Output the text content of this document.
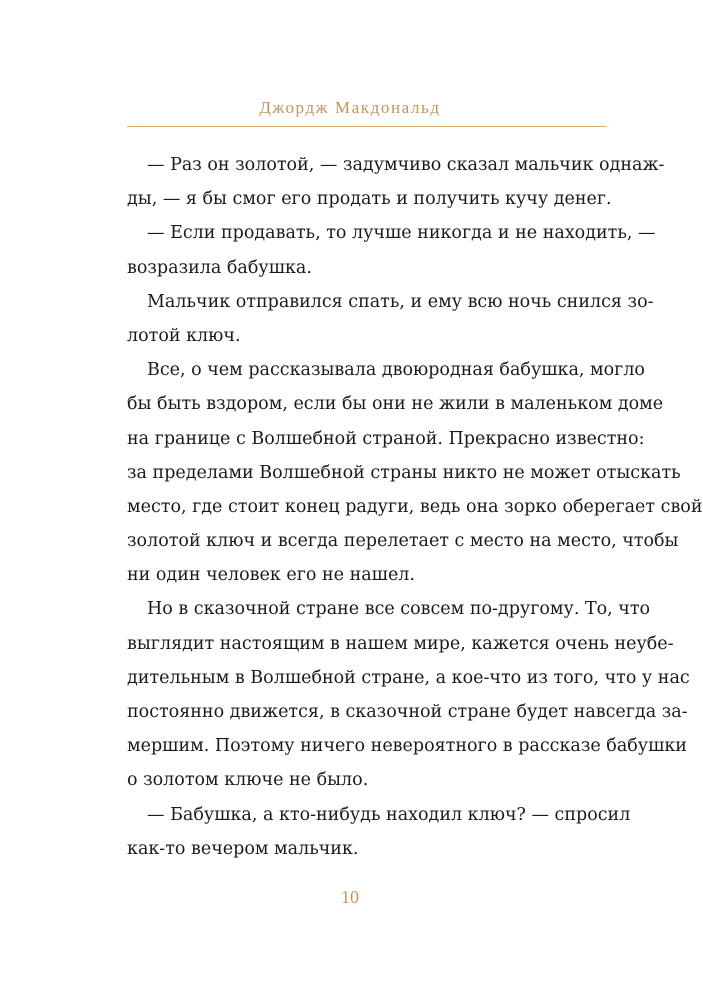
Джордж Макдональд
— Раз он золотой, — задумчиво сказал мальчик однаж-
ды, — я бы смог его продать и получить кучу денег.
— Если продавать, то лучше никогда и не находить, —
возразила бабушка.
Мальчик отправился спать, и ему всю ночь снился зо-
лотой ключ.
Все, о чем рассказывала двоюродная бабушка, могло
бы быть вздором, если бы они не жили в маленьком доме
на границе с Волшебной страной. Прекрасно известно:
за пределами Волшебной страны никто не может отыскать
место, где стоит конец радуги, ведь она зорко оберегает свой
золотой ключ и всегда перелетает с место на место, чтобы
ни один человек его не нашел.
Но в сказочной стране все совсем по-другому. То, что
выглядит настоящим в нашем мире, кажется очень неубе-
дительным в Волшебной стране, а кое-что из того, что у нас
постоянно движется, в сказочной стране будет навсегда за-
мершим. Поэтому ничего невероятного в рассказе бабушки
о золотом ключе не было.
— Бабушка, а кто-нибудь находил ключ? — спросил
как-то вечером мальчик.
10
